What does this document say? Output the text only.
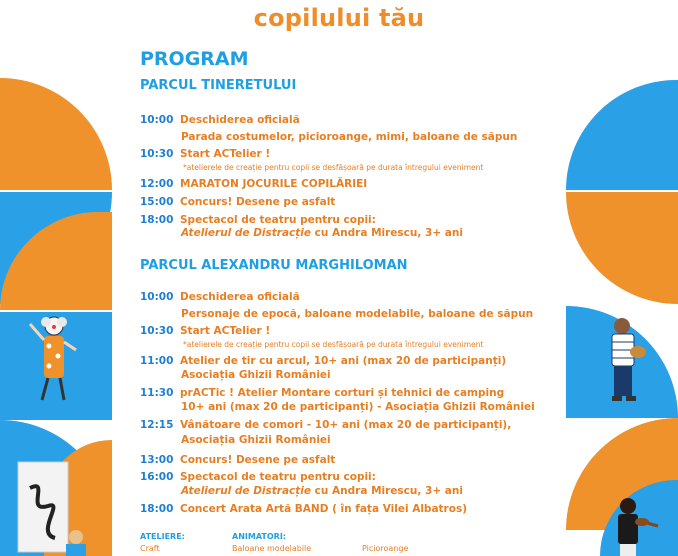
copilului tău
PROGRAM
PARCUL TINERETULUI
10:00 Deschiderea oficială
Parada costumelor, picioroange, mimi, baloane de săpun
10:30 Start ACTelier !
*atelierele de creație pentru copii se desfășoară pe durata întregului eveniment
12:00 MARATON JOCURILE COPILĂRIEI
15:00 Concurs! Desene pe asfalt
18:00 Spectacol de teatru pentru copii:
Atelierul de Distracție cu Andra Mirescu, 3+ ani
PARCUL ALEXANDRU MARGHILOMAN
10:00 Deschiderea oficială
Personaje de epocă, baloane modelabile, baloane de săpun
10:30 Start ACTelier !
*atelierele de creație pentru copii se desfășoară pe durata întregului eveniment
11:00 Atelier de tir cu arcul, 10+ ani (max 20 de participanți)
Asociația Ghizii României
11:30 prACTic ! Atelier Montare corturi și tehnici de camping
10+ ani (max 20 de participanți) - Asociația Ghizii României
12:15 Vânătoare de comori - 10+ ani (max 20 de participanți),
Asociația Ghizii României
13:00 Concurs! Desene pe asfalt
16:00 Spectacol de teatru pentru copii:
Atelierul de Distracție cu Andra Mirescu, 3+ ani
18:00 Concert Arata Artă BAND ( în fața Vilei Albatros)
ATELIERE:
Craft
ANIMATORI:
Baloane modelabile	Picioroange
